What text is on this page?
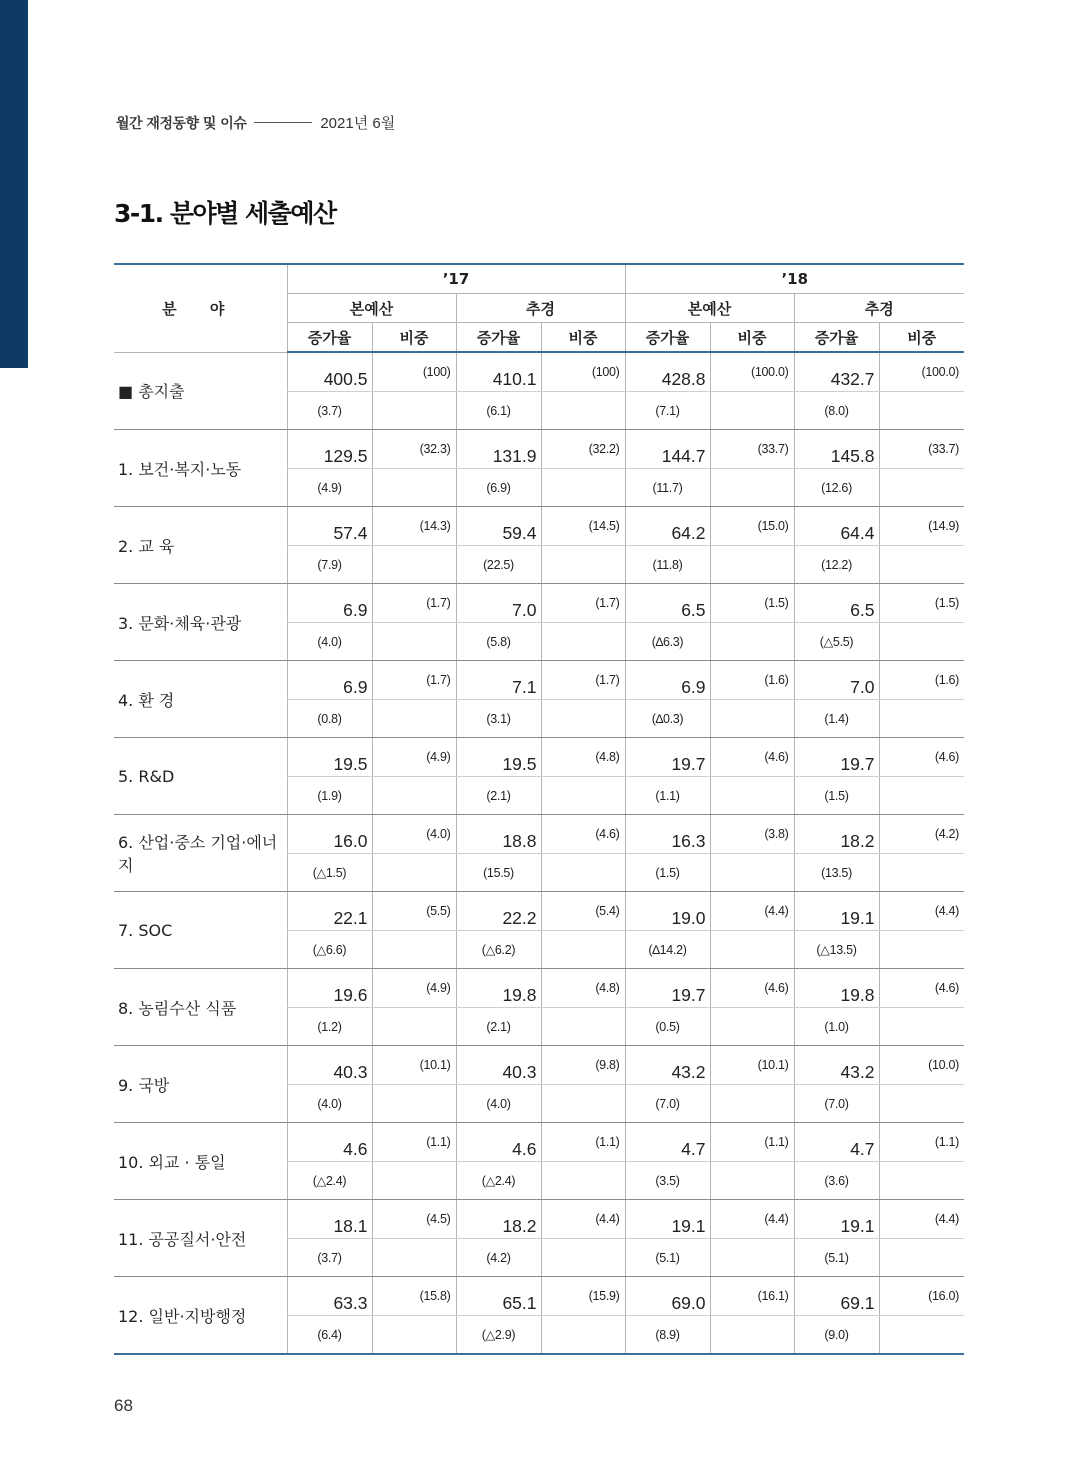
월간 재정동향 및 이슈	2021년 6월
3-1. 분야별 세출예산
분 야	’17				’18			
	본예산		추경		본예산		추경	
	증가율	비중	증가율	비중	증가율	비중	증가율	비중
■ 총지출	400.5	(100)	410.1	(100)	428.8	(100.0)	432.7	(100.0)
	(3.7)		(6.1)		(7.1)		(8.0)	
1. 보건·복지·노동	129.5	(32.3)	131.9	(32.2)	144.7	(33.7)	145.8	(33.7)
	(4.9)		(6.9)		(11.7)		(12.6)	
2. 교 육	57.4	(14.3)	59.4	(14.5)	64.2	(15.0)	64.4	(14.9)
	(7.9)		(22.5)		(11.8)		(12.2)	
3. 문화·체육·관광	6.9	(1.7)	7.0	(1.7)	6.5	(1.5)	6.5	(1.5)
	(4.0)		(5.8)		(∆6.3)		(△5.5)	
4. 환 경	6.9	(1.7)	7.1	(1.7)	6.9	(1.6)	7.0	(1.6)
	(0.8)		(3.1)		(∆0.3)		(1.4)	
5. R&D	19.5	(4.9)	19.5	(4.8)	19.7	(4.6)	19.7	(4.6)
	(1.9)		(2.1)		(1.1)		(1.5)	
6. 산업·중소 기업·에너지	16.0	(4.0)	18.8	(4.6)	16.3	(3.8)	18.2	(4.2)
	(△1.5)		(15.5)		(1.5)		(13.5)	
7. SOC	22.1	(5.5)	22.2	(5.4)	19.0	(4.4)	19.1	(4.4)
	(△6.6)		(△6.2)		(∆14.2)		(△13.5)	
8. 농림수산 식품	19.6	(4.9)	19.8	(4.8)	19.7	(4.6)	19.8	(4.6)
	(1.2)		(2.1)		(0.5)		(1.0)	
9. 국방	40.3	(10.1)	40.3	(9.8)	43.2	(10.1)	43.2	(10.0)
	(4.0)		(4.0)		(7.0)		(7.0)	
10. 외교 · 통일	4.6	(1.1)	4.6	(1.1)	4.7	(1.1)	4.7	(1.1)
	(△2.4)		(△2.4)		(3.5)		(3.6)	
11. 공공질서·안전	18.1	(4.5)	18.2	(4.4)	19.1	(4.4)	19.1	(4.4)
	(3.7)		(4.2)		(5.1)		(5.1)	
12. 일반·지방행정	63.3	(15.8)	65.1	(15.9)	69.0	(16.1)	69.1	(16.0)
	(6.4)		(△2.9)		(8.9)		(9.0)	
68
